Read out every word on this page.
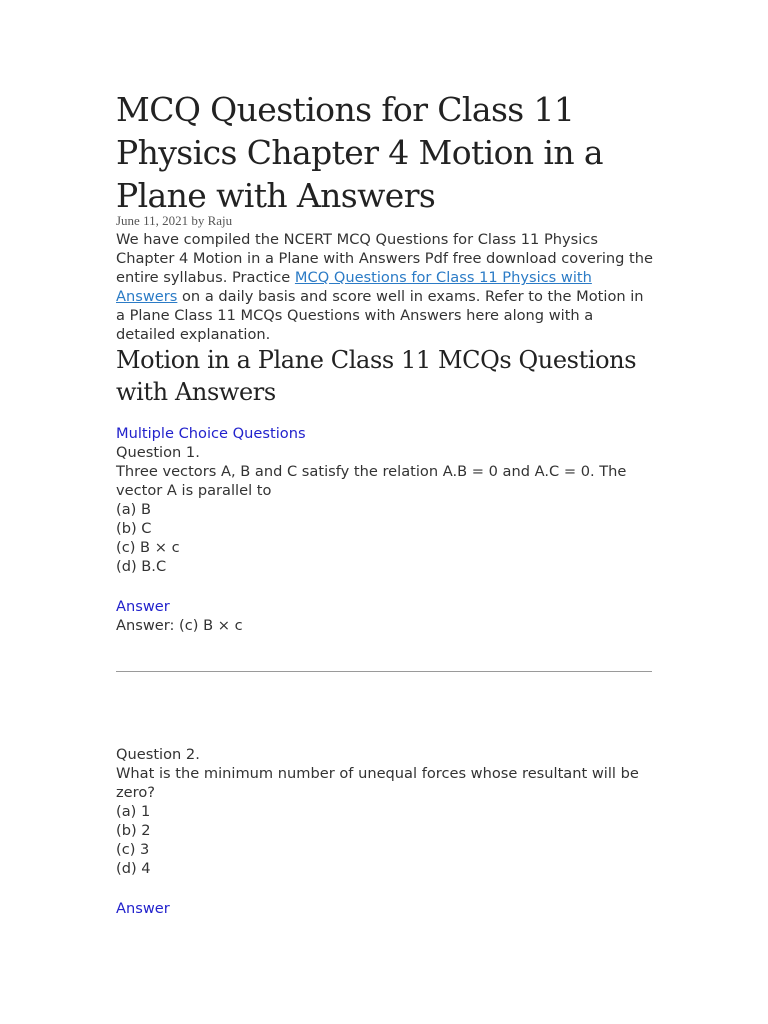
MCQ Questions for Class 11 Physics Chapter 4 Motion in a Plane with Answers
June 11, 2021 by Raju

We have compiled the NCERT MCQ Questions for Class 11 Physics Chapter 4 Motion in a Plane with Answers Pdf free download covering the entire syllabus. Practice MCQ Questions for Class 11 Physics with Answers on a daily basis and score well in exams. Refer to the Motion in a Plane Class 11 MCQs Questions with Answers here along with a detailed explanation.

Motion in a Plane Class 11 MCQs Questions with Answers
Multiple Choice Questions
Question 1.
Three vectors A, B and C satisfy the relation A.B = 0 and A.C = 0. The vector A is parallel to
(a) B
(b) C
(c) B × c
(d) B.C
Answer
Answer: (c) B × c
Question 2.
What is the minimum number of unequal forces whose resultant will be zero?
(a) 1
(b) 2
(c) 3
(d) 4
Answer
